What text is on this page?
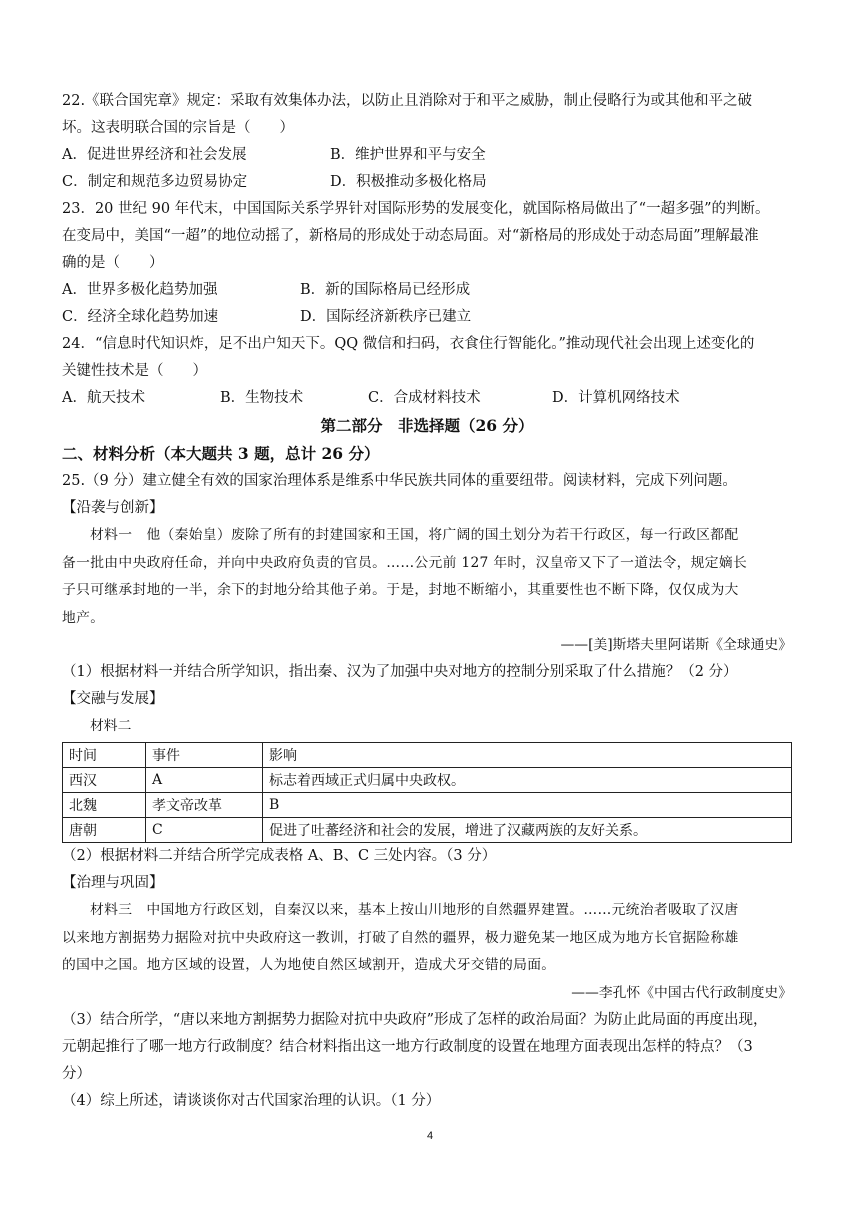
22.《联合国宪章》规定：采取有效集体办法，以防止且消除对于和平之威胁，制止侵略行为或其他和平之破

坏。这表明联合国的宗旨是（　　）

A．促进世界经济和社会发展	B．维护世界和平与安全
C．制定和规范多边贸易协定	D．积极推动多极化格局

23．20 世纪 90 年代末，中国国际关系学界针对国际形势的发展变化，就国际格局做出了“一超多强”的判断。

在变局中，美国“一超”的地位动摇了，新格局的形成处于动态局面。对“新格局的形成处于动态局面”理解最准

确的是（　　）

A．世界多极化趋势加强	B．新的国际格局已经形成
C．经济全球化趋势加速	D．国际经济新秩序已建立

24．“信息时代知识炸，足不出户知天下。QQ 微信和扫码，衣食住行智能化。”推动现代社会出现上述变化的

关键性技术是（　　）

A．航天技术	B．生物技术	C．合成材料技术	D．计算机网络技术
第二部分　非选择题（26 分）
二、材料分析（本大题共 3 题，总计 26 分）

25.（9 分）建立健全有效的国家治理体系是维系中华民族共同体的重要纽带。阅读材料，完成下列问题。

【沿袭与创新】

材料一　他（秦始皇）废除了所有的封建国家和王国，将广阔的国土划分为若干行政区，每一行政区都配

备一批由中央政府任命，并向中央政府负责的官员。……公元前 127 年时，汉皇帝又下了一道法令，规定嫡长

子只可继承封地的一半，余下的封地分给其他子弟。于是，封地不断缩小，其重要性也不断下降，仅仅成为大

地产。

——[美]斯塔夫里阿诺斯《全球通史》

（1）根据材料一并结合所学知识，指出秦、汉为了加强中央对地方的控制分别采取了什么措施？（2 分）

【交融与发展】

材料二

时间	事件	影响
西汉	A	标志着西域正式归属中央政权。
北魏	孝文帝改革	B
唐朝	C	促进了吐蕃经济和社会的发展，增进了汉藏两族的友好关系。

（2）根据材料二并结合所学完成表格 A、B、C 三处内容。（3 分）

【治理与巩固】

材料三　中国地方行政区划，自秦汉以来，基本上按山川地形的自然疆界建置。……元统治者吸取了汉唐

以来地方割据势力据险对抗中央政府这一教训，打破了自然的疆界，极力避免某一地区成为地方长官据险称雄

的国中之国。地方区域的设置，人为地使自然区域割开，造成犬牙交错的局面。

——李孔怀《中国古代行政制度史》

（3）结合所学，“唐以来地方割据势力据险对抗中央政府”形成了怎样的政治局面？为防止此局面的再度出现，

元朝起推行了哪一地方行政制度？结合材料指出这一地方行政制度的设置在地理方面表现出怎样的特点？（3

分）

（4）综上所述，请谈谈你对古代国家治理的认识。（1 分）

4
